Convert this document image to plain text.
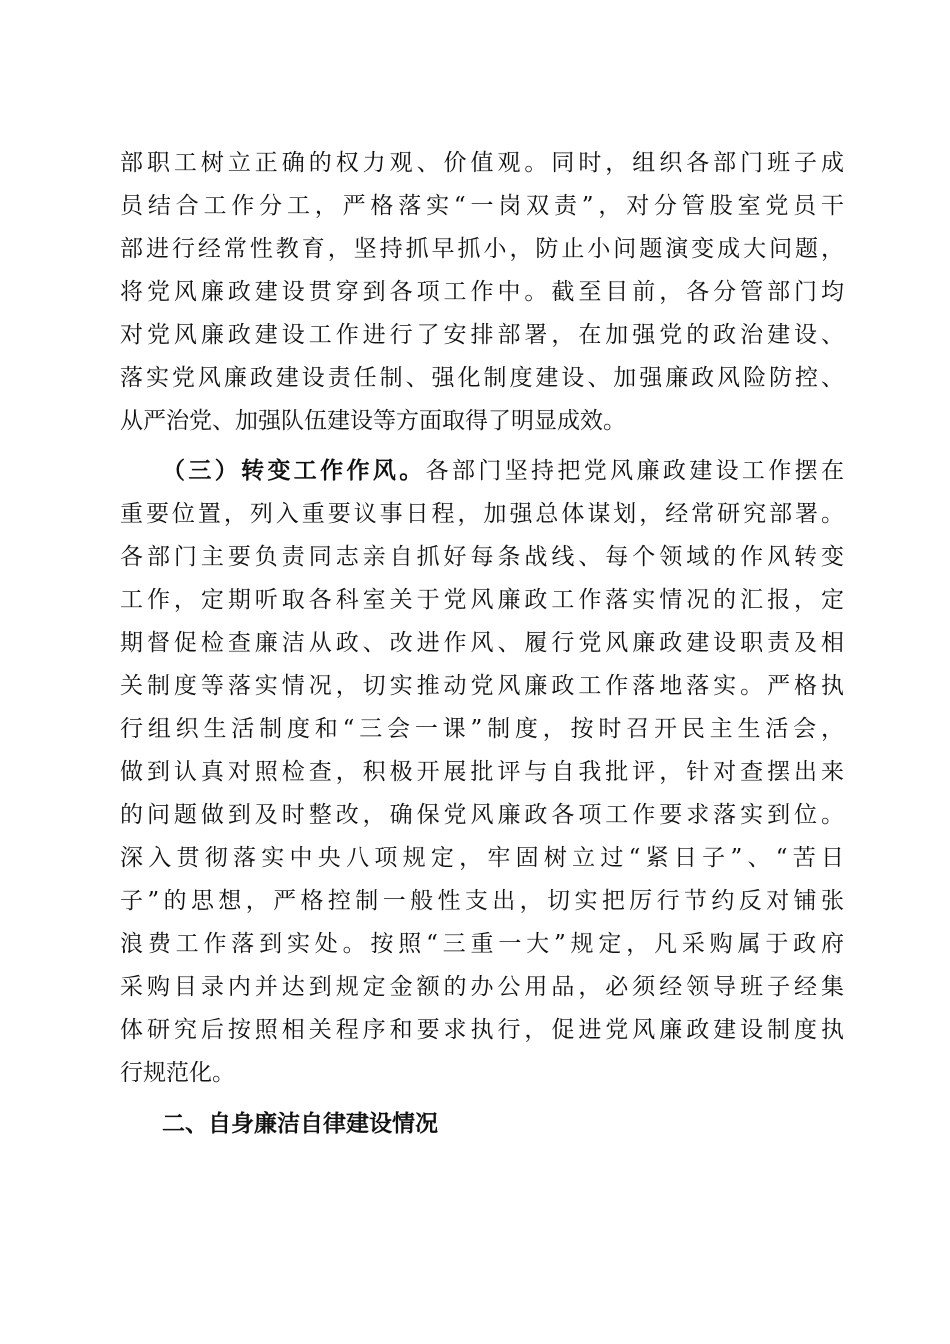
部职工树立正确的权力观、价值观。同时，组织各部门班子成
员结合工作分工，严格落实“一岗双责”，对分管股室党员干
部进行经常性教育，坚持抓早抓小，防止小问题演变成大问题，
将党风廉政建设贯穿到各项工作中。截至目前，各分管部门均
对党风廉政建设工作进行了安排部署，在加强党的政治建设、
落实党风廉政建设责任制、强化制度建设、加强廉政风险防控、
从严治党、加强队伍建设等方面取得了明显成效。
（三）转变工作作风。各部门坚持把党风廉政建设工作摆在
重要位置，列入重要议事日程，加强总体谋划，经常研究部署。
各部门主要负责同志亲自抓好每条战线、每个领域的作风转变
工作，定期听取各科室关于党风廉政工作落实情况的汇报，定
期督促检查廉洁从政、改进作风、履行党风廉政建设职责及相
关制度等落实情况，切实推动党风廉政工作落地落实。严格执
行组织生活制度和“三会一课”制度，按时召开民主生活会，
做到认真对照检查，积极开展批评与自我批评，针对查摆出来
的问题做到及时整改，确保党风廉政各项工作要求落实到位。
深入贯彻落实中央八项规定，牢固树立过“紧日子”、“苦日
子”的思想，严格控制一般性支出，切实把厉行节约反对铺张
浪费工作落到实处。按照“三重一大”规定，凡采购属于政府
采购目录内并达到规定金额的办公用品，必须经领导班子经集
体研究后按照相关程序和要求执行，促进党风廉政建设制度执
行规范化。
二、自身廉洁自律建设情况
